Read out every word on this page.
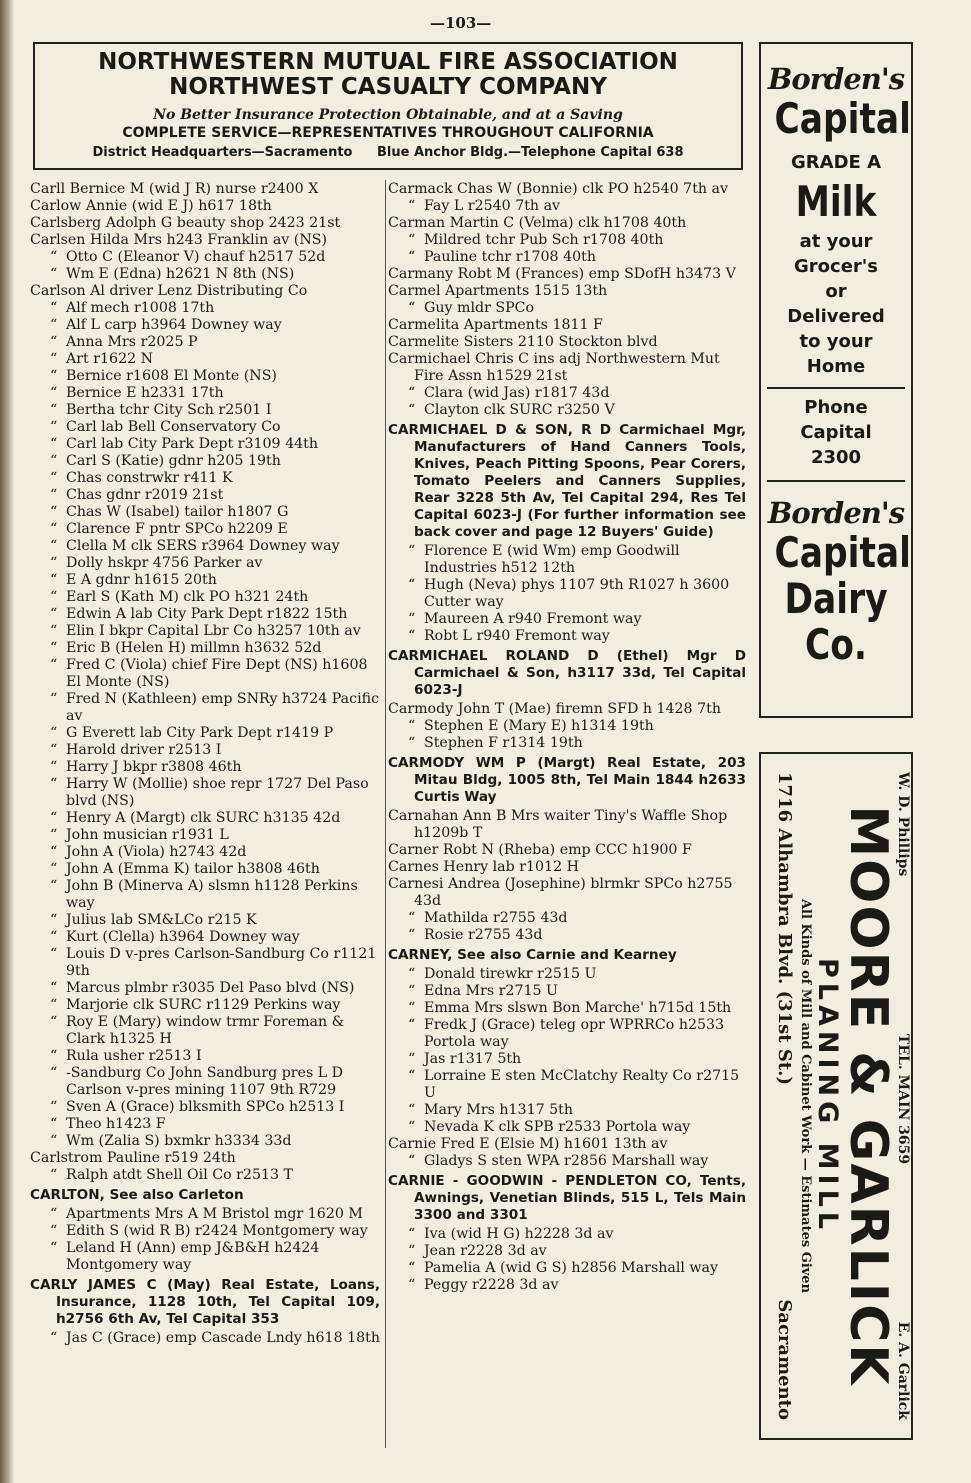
—103—
NORTHWESTERN MUTUAL FIRE ASSOCIATION
NORTHWEST CASUALTY COMPANY
No Better Insurance Protection Obtainable, and at a Saving
COMPLETE SERVICE—REPRESENTATIVES THROUGHOUT CALIFORNIA
District Headquarters—Sacramento Blue Anchor Bldg.—Telephone Capital 638
Carll Bernice M (wid J R) nurse r2400 X
Carlow Annie (wid E J) h617 18th
Carlsberg Adolph G beauty shop 2423 21st
Carlsen Hilda Mrs h243 Franklin av (NS)
“ Otto C (Eleanor V) chauf h2517 52d
“ Wm E (Edna) h2621 N 8th (NS)
Carlson Al driver Lenz Distributing Co
“ Alf mech r1008 17th
“ Alf L carp h3964 Downey way
“ Anna Mrs r2025 P
“ Art r1622 N
“ Bernice r1608 El Monte (NS)
“ Bernice E h2331 17th
“ Bertha tchr City Sch r2501 I
“ Carl lab Bell Conservatory Co
“ Carl lab City Park Dept r3109 44th
“ Carl S (Katie) gdnr h205 19th
“ Chas constrwkr r411 K
“ Chas gdnr r2019 21st
“ Chas W (Isabel) tailor h1807 G
“ Clarence F pntr SPCo h2209 E
“ Clella M clk SERS r3964 Downey way
“ Dolly hskpr 4756 Parker av
“ E A gdnr h1615 20th
“ Earl S (Kath M) clk PO h321 24th
“ Edwin A lab City Park Dept r1822 15th
“ Elin I bkpr Capital Lbr Co h3257 10th av
“ Eric B (Helen H) millmn h3632 52d
“ Fred C (Viola) chief Fire Dept (NS) h1608 El Monte (NS)
“ Fred N (Kathleen) emp SNRy h3724 Pacific av
“ G Everett lab City Park Dept r1419 P
“ Harold driver r2513 I
“ Harry J bkpr r3808 46th
“ Harry W (Mollie) shoe repr 1727 Del Paso blvd (NS)
“ Henry A (Margt) clk SURC h3135 42d
“ John musician r1931 L
“ John A (Viola) h2743 42d
“ John A (Emma K) tailor h3808 46th
“ John B (Minerva A) slsmn h1128 Perkins way
“ Julius lab SM&LCo r215 K
“ Kurt (Clella) h3964 Downey way
“ Louis D v-pres Carlson-Sandburg Co r1121 9th
“ Marcus plmbr r3035 Del Paso blvd (NS)
“ Marjorie clk SURC r1129 Perkins way
“ Roy E (Mary) window trmr Foreman & Clark h1325 H
“ Rula usher r2513 I
“ -Sandburg Co John Sandburg pres L D Carlson v-pres mining 1107 9th R729
“ Sven A (Grace) blksmith SPCo h2513 I
“ Theo h1423 F
“ Wm (Zalia S) bxmkr h3334 33d
Carlstrom Pauline r519 24th
“ Ralph atdt Shell Oil Co r2513 T
CARLTON, See also Carleton
“ Apartments Mrs A M Bristol mgr 1620 M
“ Edith S (wid R B) r2424 Montgomery way
“ Leland H (Ann) emp J&B&H h2424 Montgomery way
CARLY JAMES C (May) Real Estate, Loans, Insurance, 1128 10th, Tel Capital 109, h2756 6th Av, Tel Capital 353
“ Jas C (Grace) emp Cascade Lndy h618 18th
Carmack Chas W (Bonnie) clk PO h2540 7th av
“ Fay L r2540 7th av
Carman Martin C (Velma) clk h1708 40th
“ Mildred tchr Pub Sch r1708 40th
“ Pauline tchr r1708 40th
Carmany Robt M (Frances) emp SDofH h3473 V
Carmel Apartments 1515 13th
“ Guy mldr SPCo
Carmelita Apartments 1811 F
Carmelite Sisters 2110 Stockton blvd
Carmichael Chris C ins adj Northwestern Mut Fire Assn h1529 21st
“ Clara (wid Jas) r1817 43d
“ Clayton clk SURC r3250 V
CARMICHAEL D & SON, R D Carmichael Mgr, Manufacturers of Hand Canners Tools, Knives, Peach Pitting Spoons, Pear Corers, Tomato Peelers and Canners Supplies, Rear 3228 5th Av, Tel Capital 294, Res Tel Capital 6023-J (For further information see back cover and page 12 Buyers' Guide)
“ Florence E (wid Wm) emp Goodwill Industries h512 12th
“ Hugh (Neva) phys 1107 9th R1027 h 3600 Cutter way
“ Maureen A r940 Fremont way
“ Robt L r940 Fremont way
CARMICHAEL ROLAND D (Ethel) Mgr D Carmichael & Son, h3117 33d, Tel Capital 6023-J
Carmody John T (Mae) firemn SFD h 1428 7th
“ Stephen E (Mary E) h1314 19th
“ Stephen F r1314 19th
CARMODY WM P (Margt) Real Estate, 203 Mitau Bldg, 1005 8th, Tel Main 1844 h2633 Curtis Way
Carnahan Ann B Mrs waiter Tiny's Waffle Shop h1209b T
Carner Robt N (Rheba) emp CCC h1900 F
Carnes Henry lab r1012 H
Carnesi Andrea (Josephine) blrmkr SPCo h2755 43d
“ Mathilda r2755 43d
“ Rosie r2755 43d
CARNEY, See also Carnie and Kearney
“ Donald tirewkr r2515 U
“ Edna Mrs r2715 U
“ Emma Mrs slswn Bon Marche' h715d 15th
“ Fredk J (Grace) teleg opr WPRRCo h2533 Portola way
“ Jas r1317 5th
“ Lorraine E sten McClatchy Realty Co r2715 U
“ Mary Mrs h1317 5th
“ Nevada K clk SPB r2533 Portola way
Carnie Fred E (Elsie M) h1601 13th av
“ Gladys S sten WPA r2856 Marshall way
CARNIE - GOODWIN - PENDLETON CO, Tents, Awnings, Venetian Blinds, 515 L, Tels Main 3300 and 3301
“ Iva (wid H G) h2228 3d av
“ Jean r2228 3d av
“ Pamelia A (wid G S) h2856 Marshall way
“ Peggy r2228 3d av
Borden's
Capital
GRADE A
Milk
at your
Grocer's
or
Delivered
to your
Home
Phone
Capital
2300
Borden's
Capital
Dairy
Co.
W. D. Phillips
TEL. MAIN 3659
E. A. Garlick
MOORE & GARLICK
PLANING MILL
All Kinds of Mill and Cabinet Work — Estimates Given
1716 Alhambra Blvd. (31st St.)
Sacramento
